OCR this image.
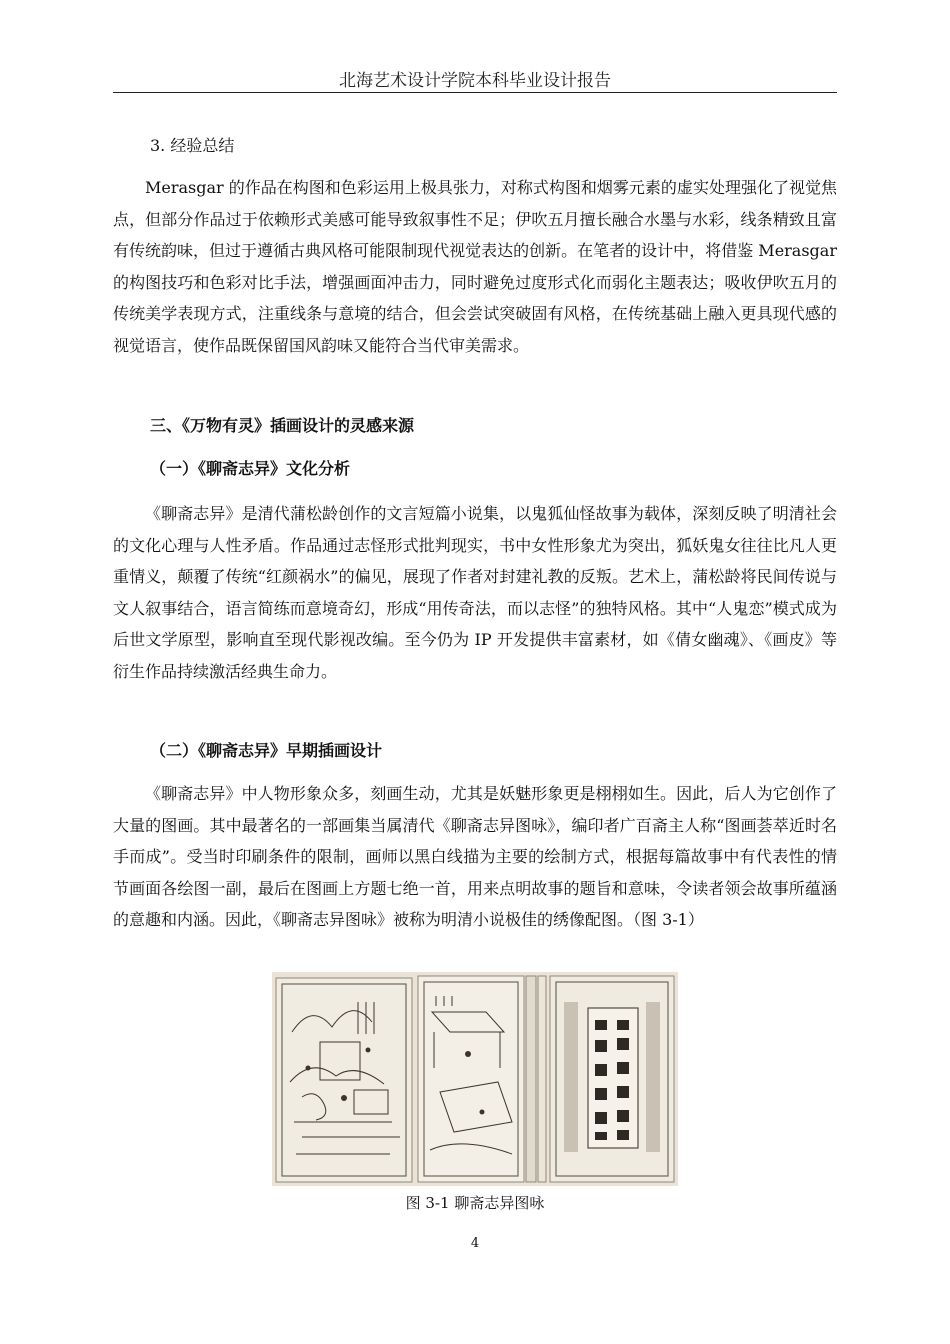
北海艺术设计学院本科毕业设计报告
3. 经验总结
Merasgar 的作品在构图和色彩运用上极具张力，对称式构图和烟雾元素的虚实处理强化了视觉焦点，但部分作品过于依赖形式美感可能导致叙事性不足；伊吹五月擅长融合水墨与水彩，线条精致且富有传统韵味，但过于遵循古典风格可能限制现代视觉表达的创新。在笔者的设计中，将借鉴 Merasgar 的构图技巧和色彩对比手法，增强画面冲击力，同时避免过度形式化而弱化主题表达；吸收伊吹五月的传统美学表现方式，注重线条与意境的结合，但会尝试突破固有风格，在传统基础上融入更具现代感的视觉语言，使作品既保留国风韵味又能符合当代审美需求。
三、《万物有灵》插画设计的灵感来源
（一）《聊斋志异》文化分析
《聊斋志异》是清代蒲松龄创作的文言短篇小说集，以鬼狐仙怪故事为载体，深刻反映了明清社会的文化心理与人性矛盾。作品通过志怪形式批判现实，书中女性形象尤为突出，狐妖鬼女往往比凡人更重情义，颠覆了传统“红颜祸水”的偏见，展现了作者对封建礼教的反叛。艺术上，蒲松龄将民间传说与文人叙事结合，语言简练而意境奇幻，形成“用传奇法，而以志怪”的独特风格。其中“人鬼恋”模式成为后世文学原型，影响直至现代影视改编。至今仍为 IP 开发提供丰富素材，如《倩女幽魂》、《画皮》等衍生作品持续激活经典生命力。
（二）《聊斋志异》早期插画设计
《聊斋志异》中人物形象众多，刻画生动，尤其是妖魅形象更是栩栩如生。因此，后人为它创作了大量的图画。其中最著名的一部画集当属清代《聊斋志异图咏》，编印者广百斋主人称“图画荟萃近时名手而成”。受当时印刷条件的限制，画师以黑白线描为主要的绘制方式，根据每篇故事中有代表性的情节画面各绘图一副，最后在图画上方题七绝一首，用来点明故事的题旨和意味，令读者领会故事所蕴涵的意趣和内涵。因此，《聊斋志异图咏》被称为明清小说极佳的绣像配图。（图 3-1）
图 3-1 聊斋志异图咏
4
